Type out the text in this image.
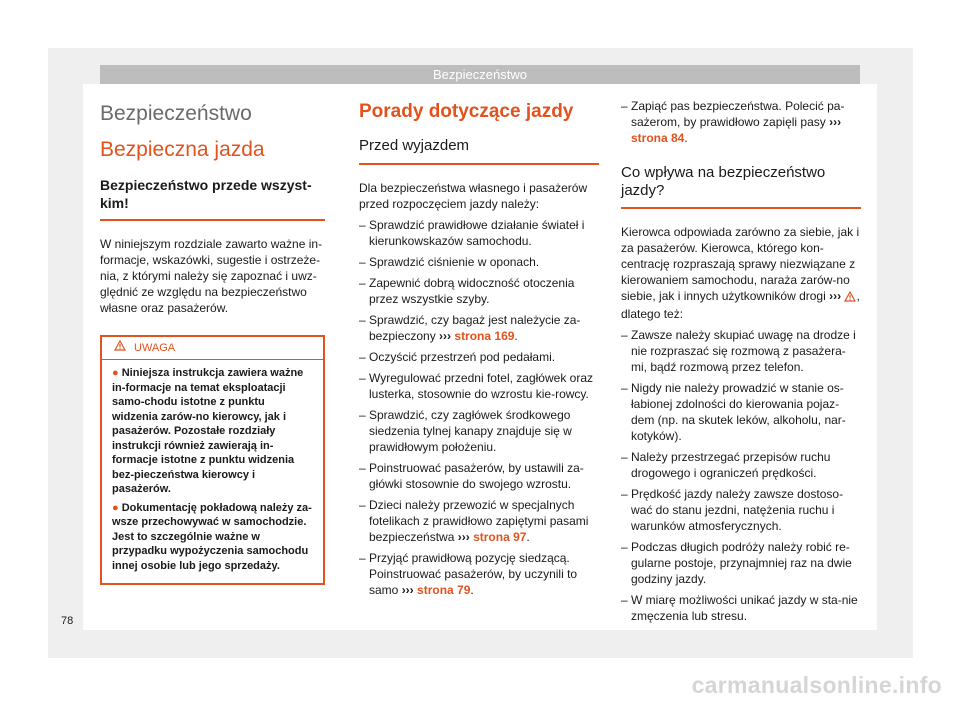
Bezpieczeństwo
Bezpieczeństwo
Bezpieczna jazda
Bezpieczeństwo przede wszyst-kim!

W niniejszym rozdziale zawarto ważne in-formacje, wskazówki, sugestie i ostrzeże-nia, z którymi należy się zapoznać i uwz-ględnić ze względu na bezpieczeństwo własne oraz pasażerów.

UWAGA

● Niniejsza instrukcja zawiera ważne in-formacje na temat eksploatacji samo-chodu istotne z punktu widzenia zarów-no kierowcy, jak i pasażerów. Pozostałe rozdziały instrukcji również zawierają in-formacje istotne z punktu widzenia bez-pieczeństwa kierowcy i pasażerów.

● Dokumentację pokładową należy za-wsze przechowywać w samochodzie. Jest to szczególnie ważne w przypadku wypożyczenia samochodu innej osobie lub jego sprzedaży.

Porady dotyczące jazdy
Przed wyjazdem

Dla bezpieczeństwa własnego i pasażerów przed rozpoczęciem jazdy należy:

– Sprawdzić prawidłowe działanie świateł i kierunkowskazów samochodu.
– Sprawdzić ciśnienie w oponach.
– Zapewnić dobrą widoczność otoczenia przez wszystkie szyby.
– Sprawdzić, czy bagaż jest należycie za-bezpieczony ››› strona 169.
– Oczyścić przestrzeń pod pedałami.
– Wyregulować przedni fotel, zagłówek oraz lusterka, stosownie do wzrostu kie-rowcy.
– Sprawdzić, czy zagłówek środkowego siedzenia tylnej kanapy znajduje się w prawidłowym położeniu.
– Poinstruować pasażerów, by ustawili za-główki stosownie do swojego wzrostu.
– Dzieci należy przewozić w specjalnych fotelikach z prawidłowo zapiętymi pasami bezpieczeństwa ››› strona 97.
– Przyjąć prawidłową pozycję siedzącą. Poinstruować pasażerów, by uczynili to samo ››› strona 79.
– Zapiąć pas bezpieczeństwa. Polecić pa-sażerom, by prawidłowo zapięli pasy ››› strona 84.
Co wpływa na bezpieczeństwo jazdy?

Kierowca odpowiada zarówno za siebie, jak i za pasażerów. Kierowca, którego kon-centrację rozpraszają sprawy niezwiązane z kierowaniem samochodu, naraża zarów-no siebie, jak i innych użytkowników drogi ››› , dlatego też:

– Zawsze należy skupiać uwagę na drodze i nie rozpraszać się rozmową z pasażera-mi, bądź rozmową przez telefon.
– Nigdy nie należy prowadzić w stanie os-łabionej zdolności do kierowania pojaz-dem (np. na skutek leków, alkoholu, nar-kotyków).
– Należy przestrzegać przepisów ruchu drogowego i ograniczeń prędkości.
– Prędkość jazdy należy zawsze dostoso-wać do stanu jezdni, natężenia ruchu i warunków atmosferycznych.
– Podczas długich podróży należy robić re-gularne postoje, przynajmniej raz na dwie godziny jazdy.
– W miarę możliwości unikać jazdy w sta-nie zmęczenia lub stresu.
78
carmanualsonline.info
